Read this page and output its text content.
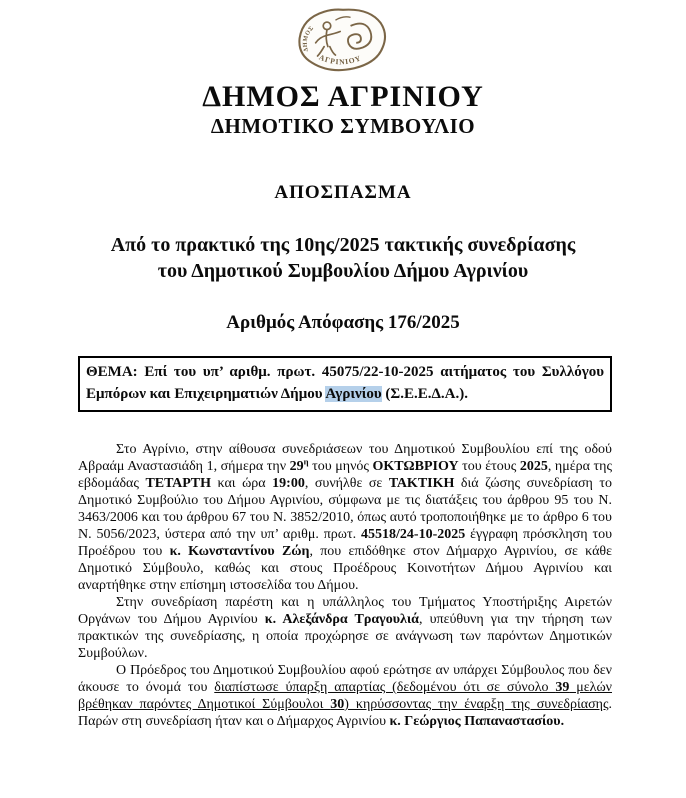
ΑΓΡΙΝΙΟΥ
ΔΗΜΟΣ
ΔΗΜΟΣ ΑΓΡΙΝΙΟΥ
ΔΗΜΟΤΙΚΟ ΣΥΜΒΟΥΛΙΟ
ΑΠΟΣΠΑΣΜΑ
Από το πρακτικό της 10ης/2025 τακτικής συνεδρίασης
του Δημοτικού Συμβουλίου Δήμου Αγρινίου
Αριθμός Απόφασης 176/2025
ΘΕΜΑ: Επί του υπ’ αριθμ. πρωτ. 45075/22-10-2025 αιτήματος του Συλλόγου Εμπόρων και Επιχειρηματιών Δήμου Αγρινίου (Σ.Ε.Ε.Δ.Α.).

Στο Αγρίνιο, στην αίθουσα συνεδριάσεων του Δημοτικού Συμβουλίου επί της οδού Αβραάμ Αναστασιάδη 1, σήμερα την $29^\eta$ του μηνός ΟΚΤΩΒΡΙΟΥ του έτους 2025, ημέρα της εβδομάδας ΤΕΤΑΡΤΗ και ώρα 19:00, συνήλθε σε ΤΑΚΤΙΚΗ διά ζώσης συνεδρίαση το Δημοτικό Συμβούλιο του Δήμου Αγρινίου, σύμφωνα με τις διατάξεις του άρθρου 95 του Ν. 3463/2006 και του άρθρου 67 του Ν. 3852/2010, όπως αυτό τροποποιήθηκε με το άρθρο 6 του Ν. 5056/2023, ύστερα από την υπ’ αριθμ. πρωτ. 45518/24-10-2025 έγγραφη πρόσκληση του Προέδρου του κ. Κωνσταντίνου Ζώη, που επιδόθηκε στον Δήμαρχο Αγρινίου, σε κάθε Δημοτικό Σύμβουλο, καθώς και στους Προέδρους Κοινοτήτων Δήμου Αγρινίου και αναρτήθηκε στην επίσημη ιστοσελίδα του Δήμου.

Στην συνεδρίαση παρέστη και η υπάλληλος του Τμήματος Υποστήριξης Αιρετών Οργάνων του Δήμου Αγρινίου κ. Αλεξάνδρα Τραγουλιά, υπεύθυνη για την τήρηση των πρακτικών της συνεδρίασης, η οποία προχώρησε σε ανάγνωση των παρόντων Δημοτικών Συμβούλων.

Ο Πρόεδρος του Δημοτικού Συμβουλίου αφού ερώτησε αν υπάρχει Σύμβουλος που δεν άκουσε το όνομά του διαπίστωσε ύπαρξη απαρτίας (δεδομένου ότι σε σύνολο 39 μελών βρέθηκαν παρόντες Δημοτικοί Σύμβουλοι 30) κηρύσσοντας την έναρξη της συνεδρίασης. Παρών στη συνεδρίαση ήταν και ο Δήμαρχος Αγρινίου κ. Γεώργιος Παπαναστασίου.
